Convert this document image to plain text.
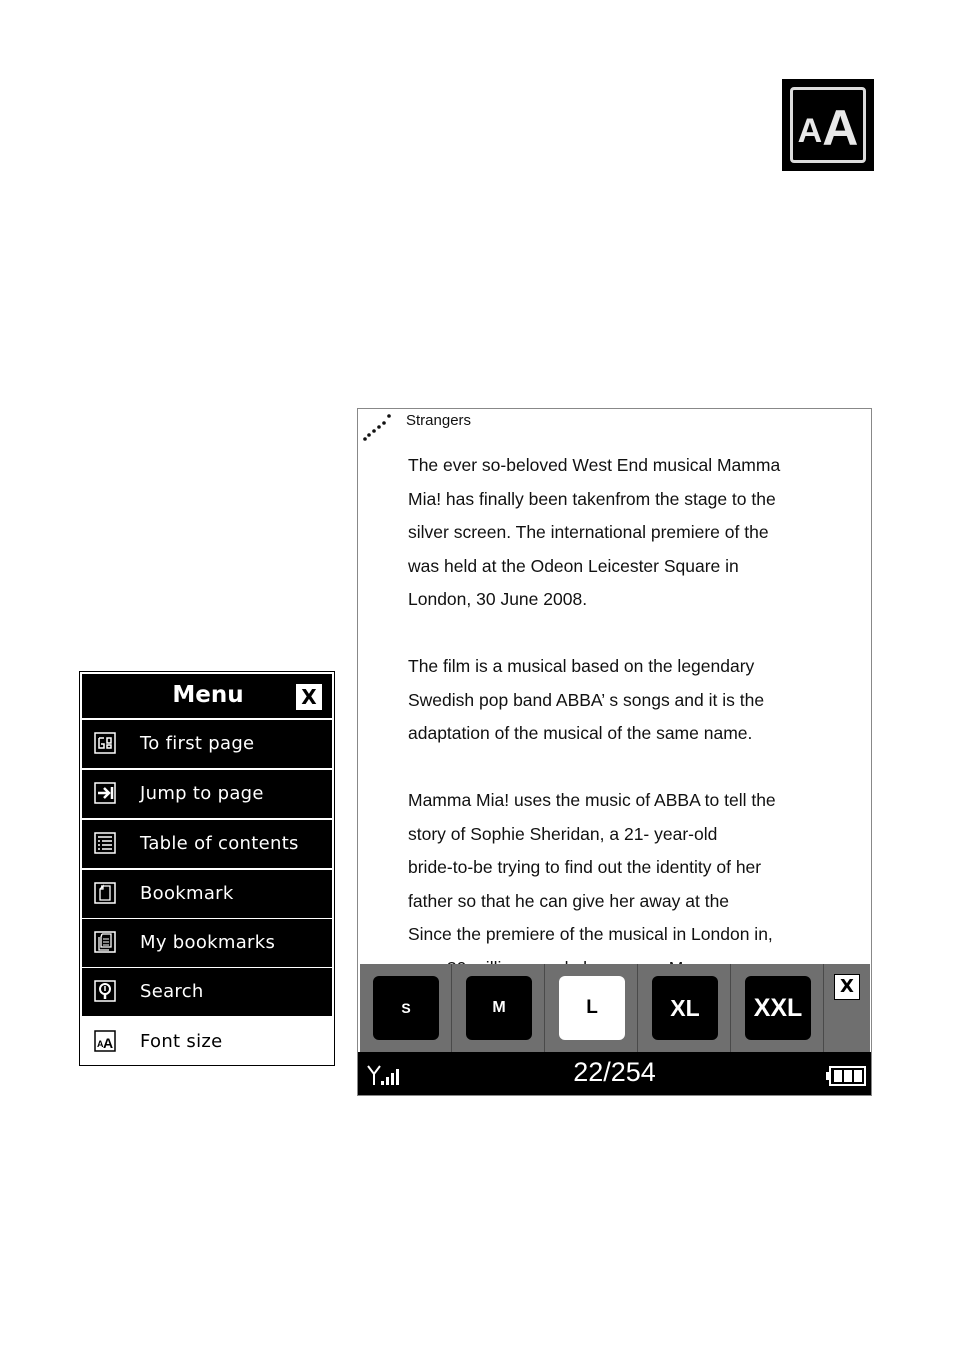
A A
Menu	X
To first page
Jump to page
Table of contents
Bookmark
My bookmarks
Search
A A Font size
Strangers
The ever so-beloved West End musical Mamma
Mia! has finally been takenfrom the stage to the
silver screen. The international premiere of the
was held at the Odeon Leicester Square in
London, 30 June 2008.
The film is a musical based on the legendary
Swedish pop band ABBA’ s songs and it is the
adaptation of the musical of the same name.
Mamma Mia! uses the music of ABBA to tell the
story of Sophie Sheridan, a 21- year-old
bride-to-be trying to find out the identity of her
father so that he can give her away at the
Since the premiere of the musical in London in,
S	M	L	XL	XXL
X
22/254
